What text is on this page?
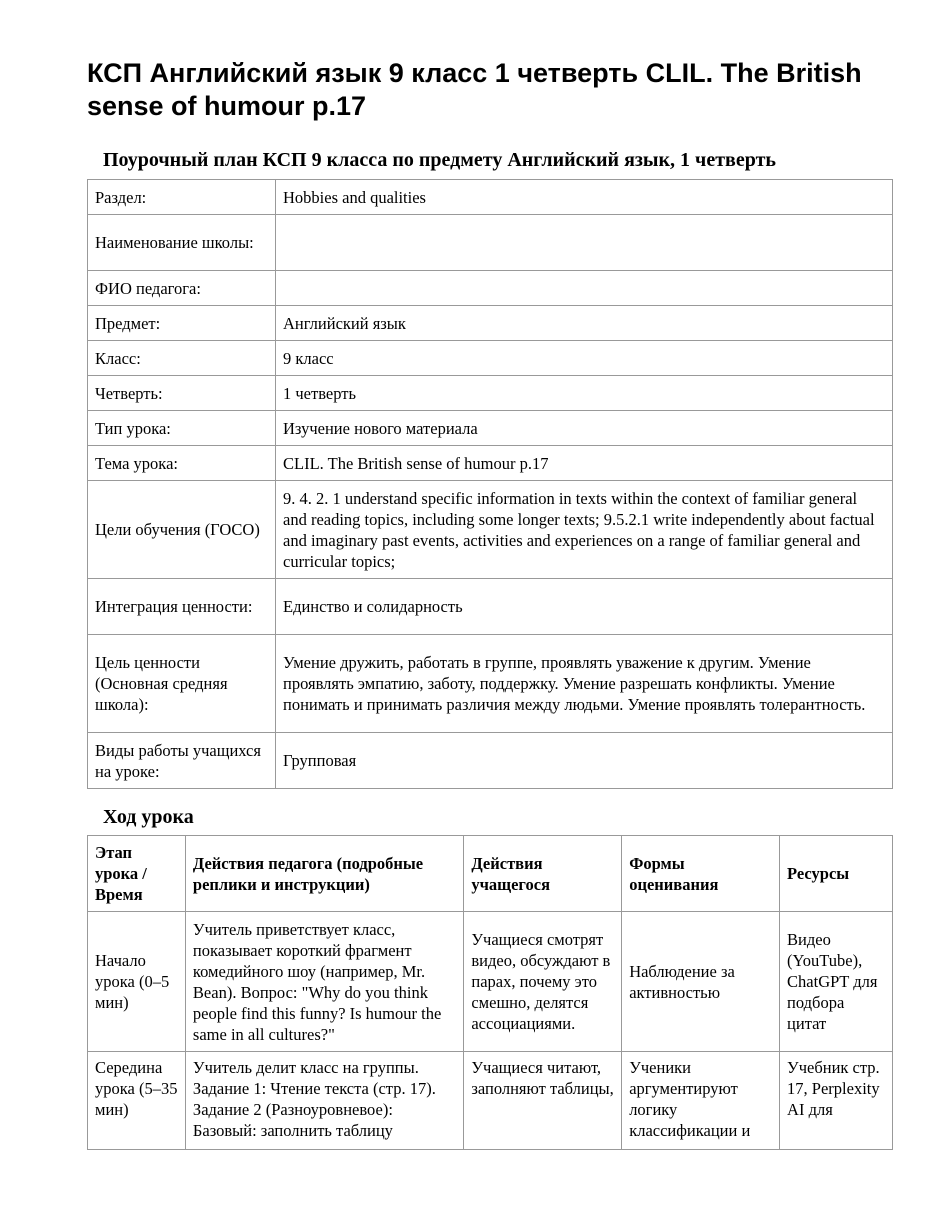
КСП Английский язык 9 класс 1 четверть CLIL. The British sense of humour p.17
Поурочный план КСП 9 класса по предмету Английский язык, 1 четверть
Раздел:	Hobbies and qualities
Наименование школы:	
ФИО педагога:	
Предмет:	Английский язык
Класс:	9 класс
Четверть:	1 четверть
Тип урока:	Изучение нового материала
Тема урока:	CLIL. The British sense of humour p.17
Цели обучения (ГОСО)	9. 4. 2. 1 understand specific information in texts within the context of familiar general and reading topics, including some longer texts; 9.5.2.1 write independently about factual and imaginary past events, activities and experiences on a range of familiar general and curricular topics;
Интеграция ценности:	Единство и солидарность
Цель ценности (Основная средняя школа):	Умение дружить, работать в группе, проявлять уважение к другим. Умение проявлять эмпатию, заботу, поддержку. Умение разрешать конфликты. Умение понимать и принимать различия между людьми. Умение проявлять толерантность.
Виды работы учащихся на уроке:	Групповая
Ход урока
Этап урока / Время	Действия педагога (подробные реплики и инструкции)	Действия учащегося	Формы оценивания	Ресурсы
Начало урока (0–5 мин)	Учитель приветствует класс, показывает короткий фрагмент комедийного шоу (например, Mr. Bean). Вопрос: "Why do you think people find this funny? Is humour the same in all cultures?"	Учащиеся смотрят видео, обсуждают в парах, почему это смешно, делятся ассоциациями.	Наблюдение за активностью	Видео (YouTube), ChatGPT для подбора цитат
Середина урока (5–35 мин)	Учитель делит класс на группы. Задание 1: Чтение текста (стр. 17). Задание 2 (Разноуровневое): Базовый: заполнить таблицу	Учащиеся читают, заполняют таблицы,	Ученики аргументируют логику классификации и	Учебник стр. 17, Perplexity AI для
